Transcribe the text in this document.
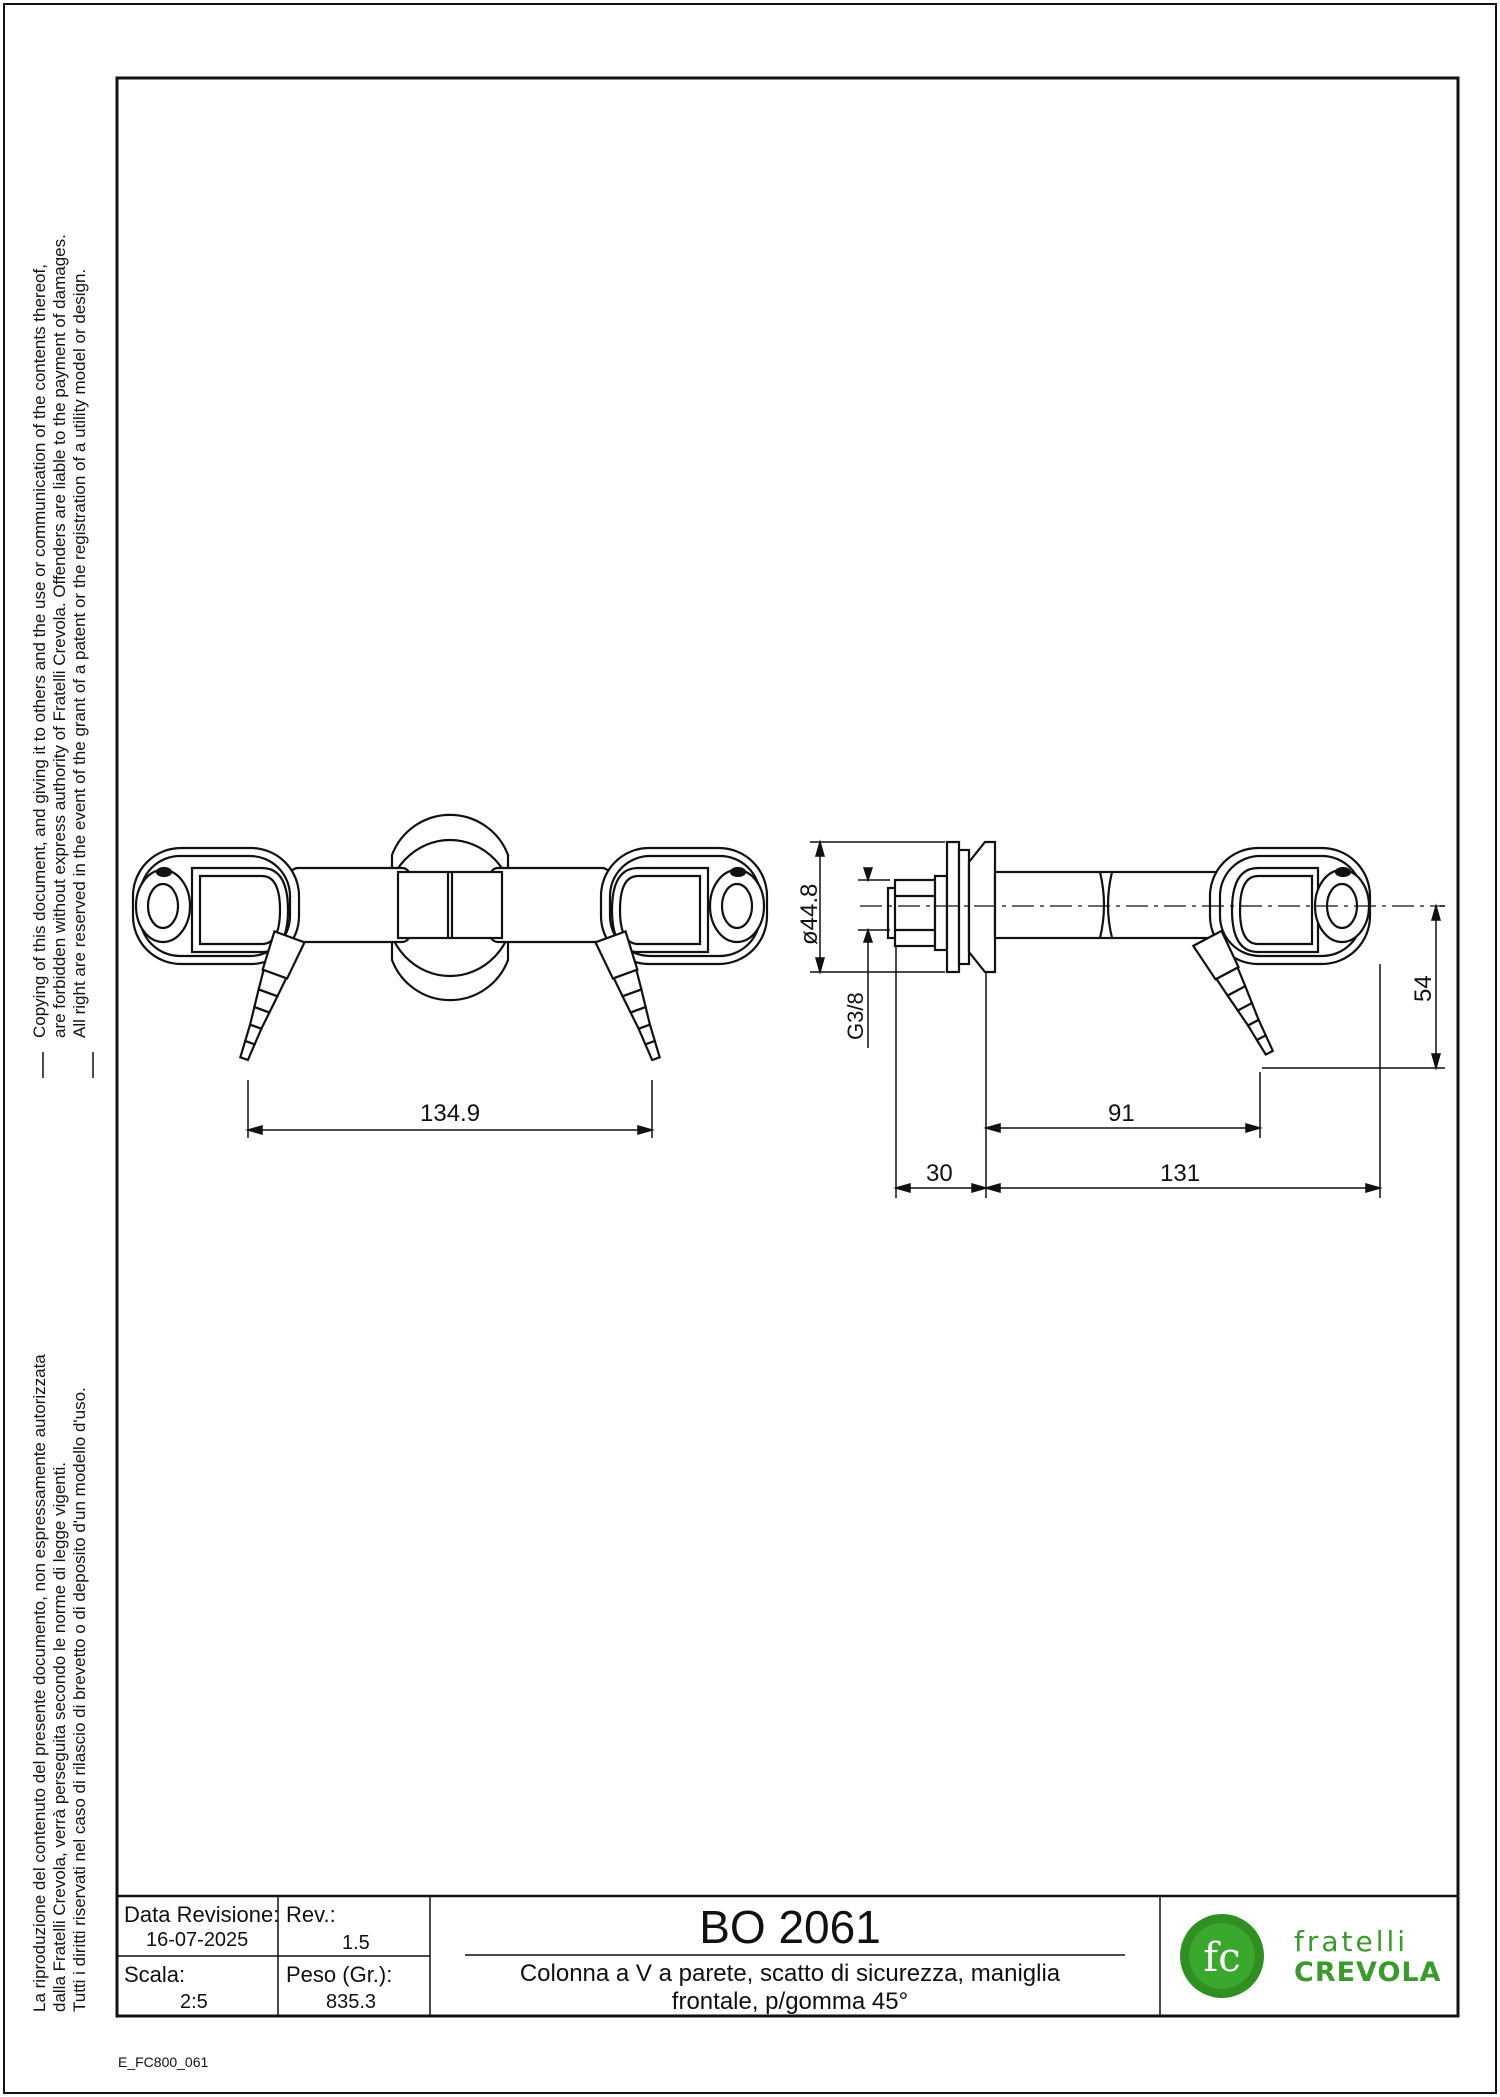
fc
Copying of this document, and giving it to others and the use or communication of the contents thereof, are forbidden without express authority of Fratelli Crevola. Offenders are liable to the payment of damages. All right are reserved in the event of the grant of a patent or the registration of a utility model or design.
La riproduzione del contenuto del presente documento, non espressamente autorizzata dalla Fratelli Crevola, verrà perseguita secondo le norme di legge vigenti. Tutti i diritti riservati nel caso di rilascio di brevetto o di deposito d'un modello d'uso.
134.9	91
30	131
ø44.8
G3/8
54
Data Revisione:
16-07-2025
Rev.:
1.5
Scala:
2:5
Peso (Gr.):
835.3
BO 2061
Colonna a V a parete, scatto di sicurezza, maniglia
frontale, p/gomma 45°
fratelli
CREVOLA
E_FC800_061
